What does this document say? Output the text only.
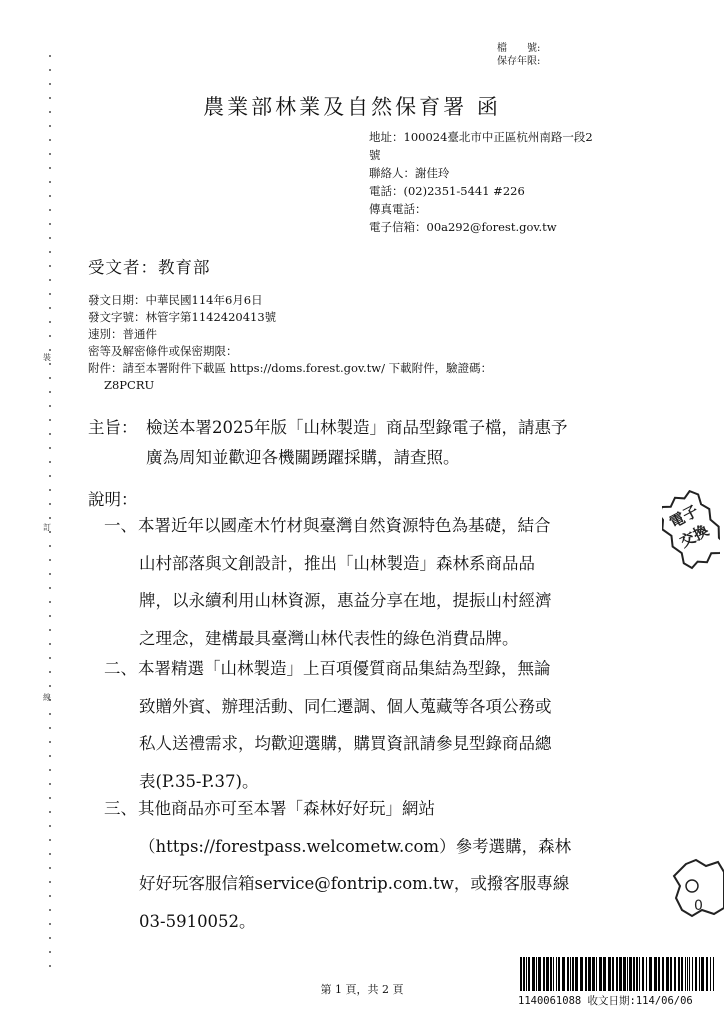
裝
訂
線
檔　　號:
保存年限:
農業部林業及自然保育署 函
地址：100024臺北市中正區杭州南路一段2
號
聯絡人：謝佳玲
電話：(02)2351-5441 #226
傳真電話：
電子信箱：00a292@forest.gov.tw
受文者：教育部
發文日期：中華民國114年6月6日
發文字號：林管字第1142420413號
速別：普通件
密等及解密條件或保密期限：
附件：請至本署附件下載區 https://doms.forest.gov.tw/ 下載附件，驗證碼：
Z8PCRU
主旨： 檢送本署2025年版「山林製造」商品型錄電子檔，請惠予
廣為周知並歡迎各機關踴躍採購，請查照。
說明：
一、本署近年以國產木竹材與臺灣自然資源特色為基礎，結合
山村部落與文創設計，推出「山林製造」森林系商品品
牌，以永續利用山林資源，惠益分享在地，提振山村經濟
之理念，建構最具臺灣山林代表性的綠色消費品牌。
二、本署精選「山林製造」上百項優質商品集結為型錄，無論
致贈外賓、辦理活動、同仁遷調、個人蒐藏等各項公務或
私人送禮需求，均歡迎選購，購買資訊請參見型錄商品總
表(P.35-P.37)。
三、其他商品亦可至本署「森林好好玩」網站
（https://forestpass.welcometw.com）參考選購，森林
好好玩客服信箱service@fontrip.com.tw，或撥客服專線
03-5910052。
電子
交換
0
第 1 頁，共 2 頁
1140061088 收文日期:114/06/06
